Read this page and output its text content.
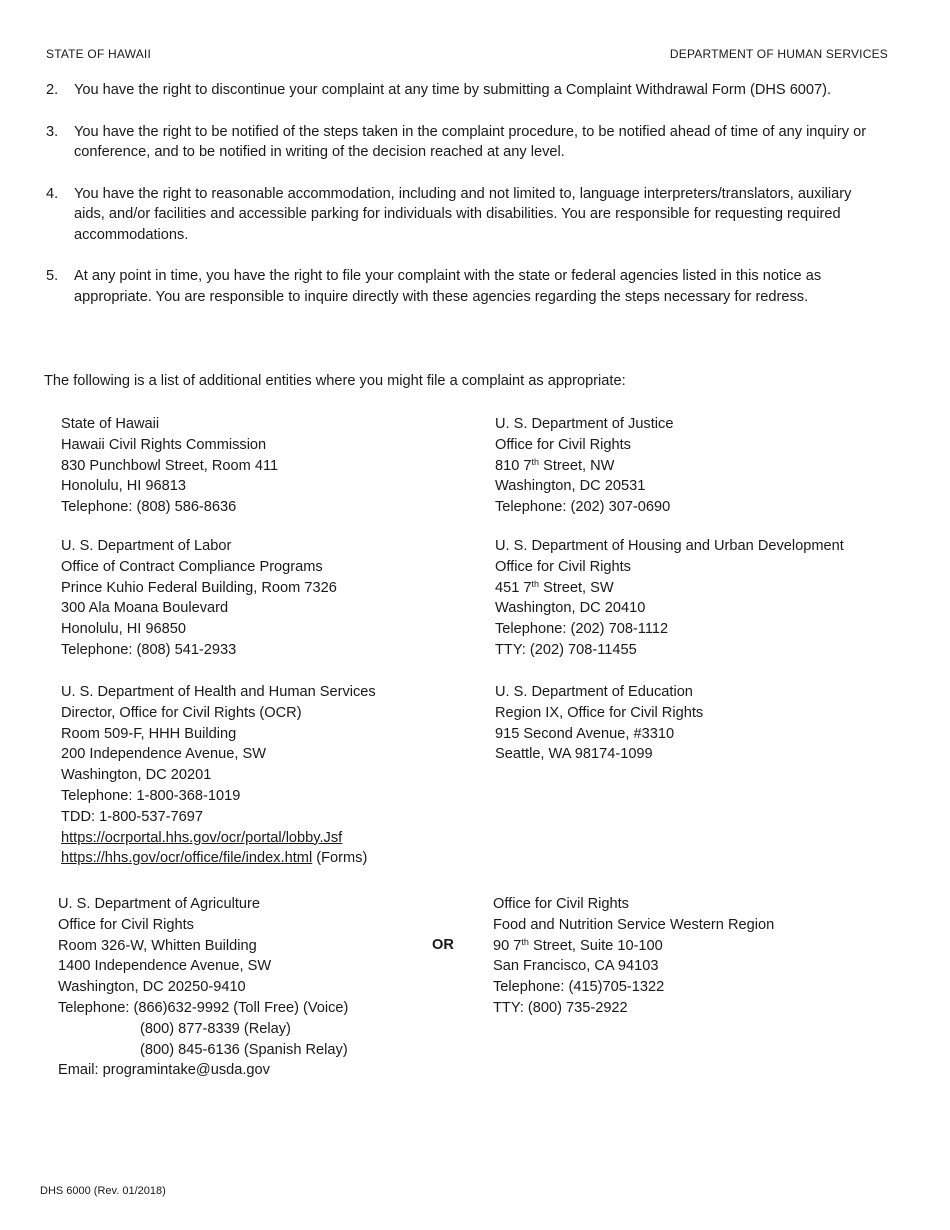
STATE OF HAWAII	DEPARTMENT OF HUMAN SERVICES
2. You have the right to discontinue your complaint at any time by submitting a Complaint Withdrawal Form (DHS 6007).
3. You have the right to be notified of the steps taken in the complaint procedure, to be notified ahead of time of any inquiry or conference, and to be notified in writing of the decision reached at any level.
4. You have the right to reasonable accommodation, including and not limited to, language interpreters/translators, auxiliary aids, and/or facilities and accessible parking for individuals with disabilities. You are responsible for requesting required accommodations.
5. At any point in time, you have the right to file your complaint with the state or federal agencies listed in this notice as appropriate. You are responsible to inquire directly with these agencies regarding the steps necessary for redress.
The following is a list of additional entities where you might file a complaint as appropriate:
State of Hawaii
Hawaii Civil Rights Commission
830 Punchbowl Street, Room 411
Honolulu, HI 96813
Telephone: (808) 586-8636
U. S. Department of Justice
Office for Civil Rights
810 7th Street, NW
Washington, DC 20531
Telephone: (202) 307-0690
U. S. Department of Labor
Office of Contract Compliance Programs
Prince Kuhio Federal Building, Room 7326
300 Ala Moana Boulevard
Honolulu, HI 96850
Telephone: (808) 541-2933
U. S. Department of Housing and Urban Development
Office for Civil Rights
451 7th Street, SW
Washington, DC 20410
Telephone: (202) 708-1112
TTY: (202) 708-11455
U. S. Department of Health and Human Services
Director, Office for Civil Rights (OCR)
Room 509-F, HHH Building
200 Independence Avenue, SW
Washington, DC 20201
Telephone: 1-800-368-1019
TDD: 1-800-537-7697
https://ocrportal.hhs.gov/ocr/portal/lobby.Jsf
https://hhs.gov/ocr/office/file/index.html (Forms)
U. S. Department of Education
Region IX, Office for Civil Rights
915 Second Avenue, #3310
Seattle, WA 98174-1099
U. S. Department of Agriculture
Office for Civil Rights
Room 326-W, Whitten Building
1400 Independence Avenue, SW
Washington, DC 20250-9410
Telephone: (866)632-9992 (Toll Free) (Voice)
(800) 877-8339 (Relay)
(800) 845-6136 (Spanish Relay)
Email: programintake@usda.gov
OR
Office for Civil Rights
Food and Nutrition Service Western Region
90 7th Street, Suite 10-100
San Francisco, CA 94103
Telephone: (415)705-1322
TTY: (800) 735-2922
DHS 6000 (Rev. 01/2018)
